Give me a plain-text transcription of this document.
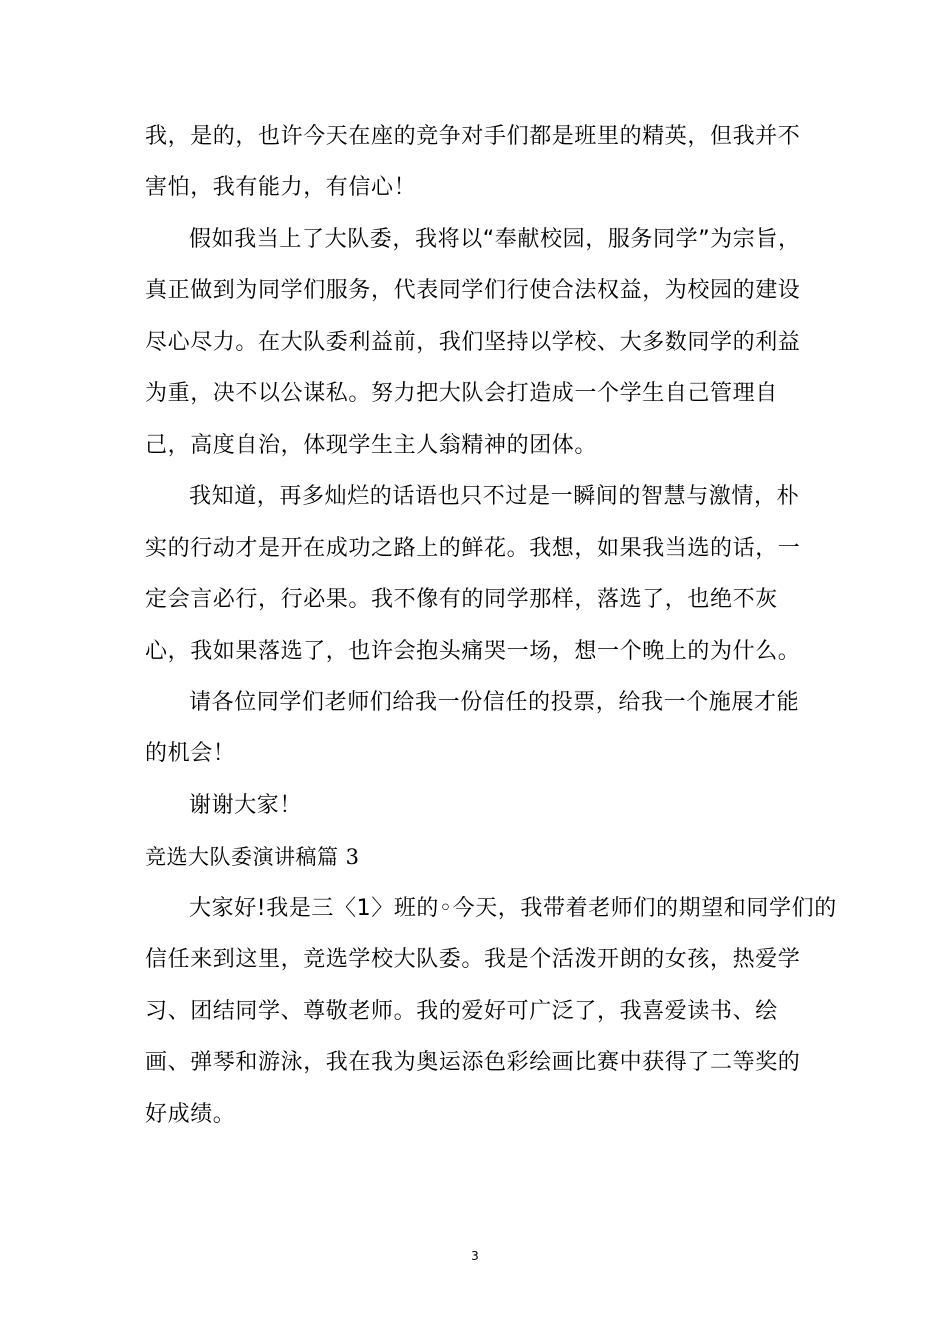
我，是的，也许今天在座的竞争对手们都是班里的精英，但我并不
害怕，我有能力，有信心！
假如我当上了大队委，我将以“奉献校园，服务同学”为宗旨，
真正做到为同学们服务，代表同学们行使合法权益，为校园的建设
尽心尽力。在大队委利益前，我们坚持以学校、大多数同学的利益
为重，决不以公谋私。努力把大队会打造成一个学生自己管理自
己，高度自治，体现学生主人翁精神的团体。
我知道，再多灿烂的话语也只不过是一瞬间的智慧与激情，朴
实的行动才是开在成功之路上的鲜花。我想，如果我当选的话，一
定会言必行，行必果。我不像有的同学那样，落选了，也绝不灰
心，我如果落选了，也许会抱头痛哭一场，想一个晚上的为什么。
请各位同学们老师们给我一份信任的投票，给我一个施展才能
的机会！
谢谢大家！
竞选大队委演讲稿篇 3
大家好!我是三〈1〉班的◦今天，我带着老师们的期望和同学们的
信任来到这里，竞选学校大队委。我是个活泼开朗的女孩，热爱学
习、团结同学、尊敬老师。我的爱好可广泛了，我喜爱读书、绘
画、弹琴和游泳，我在我为奥运添色彩绘画比赛中获得了二等奖的
好成绩。
3
